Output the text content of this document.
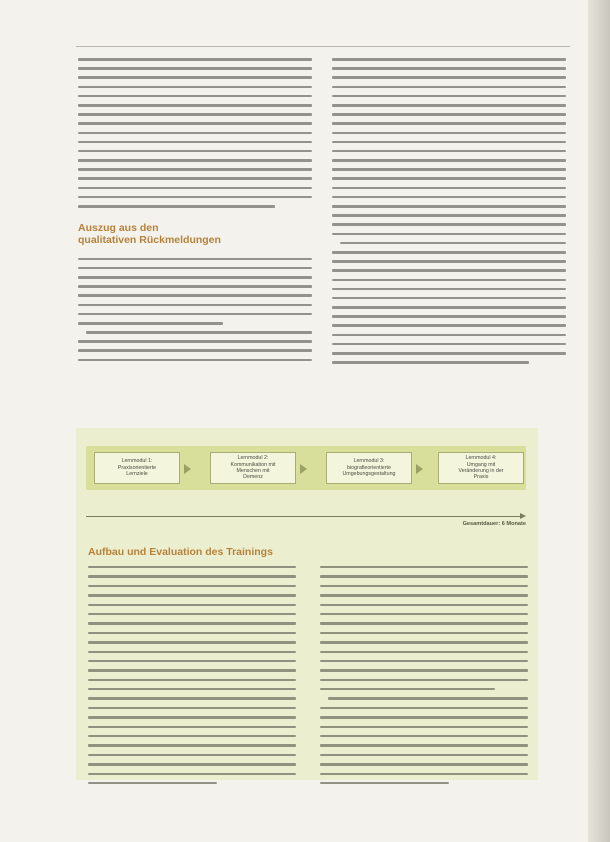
Auszug aus den
qualitativen Rückmeldungen
Lernmodul 1:
Praxisorientierte
Lernziele
Lernmodul 2:
Kommunikation mit
Menschen mit
Demenz
Lernmodul 3:
biografieorientierte
Umgebungsgestaltung
Lernmodul 4:
Umgang mit
Veränderung in der
Praxis
Gesamtdauer: 6 Monate
Aufbau und Evaluation des Trainings
